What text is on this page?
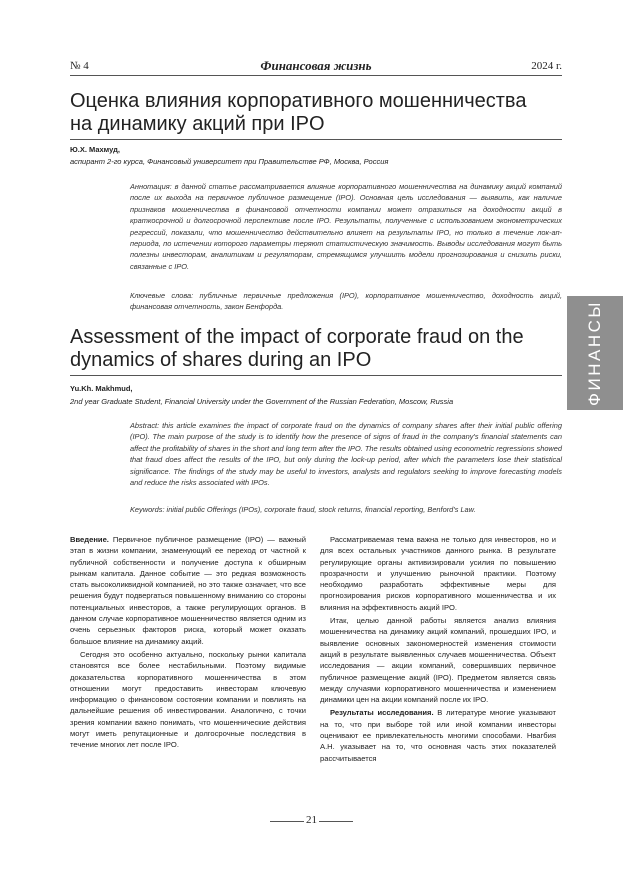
ФИНАНСЫ
№ 4	Финансовая жизнь	2024 г.
Оценка влияния корпоративного мошенничества на динамику акций при IPO
Ю.Х. Махмуд,
аспирант 2-го курса, Финансовый университет при Правительстве РФ, Москва, Россия
Аннотация: в данной статье рассматривается влияние корпоративного мошенничества на динамику акций компаний после их выхода на первичное публичное размещение (IPO). Основная цель исследования — выявить, как наличие признаков мошенничества в финансовой отчетности компании может отразиться на доходности акций в краткосрочной и долгосрочной перспективе после IPO. Результаты, полученные с использованием эконометрических регрессий, показали, что мошенничество действительно влияет на результаты IPO, но только в течение лок-ап-периода, по истечении которого параметры теряют статистическую значимость. Выводы исследования могут быть полезны инвесторам, аналитикам и регуляторам, стремящимся улучшить модели прогнозирования и снизить риски, связанные с IPO.
Ключевые слова: публичные первичные предложения (IPO), корпоративное мошенничество, доходность акций, финансовая отчетность, закон Бенфорда.
Assessment of the impact of corporate fraud on the dynamics of shares during an IPO
Yu.Kh. Makhmud,
2nd year Graduate Student, Financial University under the Government of the Russian Federation, Moscow, Russia
Abstract: this article examines the impact of corporate fraud on the dynamics of company shares after their initial public offering (IPO). The main purpose of the study is to identify how the presence of signs of fraud in the company's financial statements can affect the profitability of shares in the short and long term after the IPO. The results obtained using econometric regressions showed that fraud does affect the results of the IPO, but only during the lock-up period, after which the parameters lose their statistical significance. The findings of the study may be useful to investors, analysts and regulators seeking to improve forecasting models and reduce the risks associated with IPOs.
Keywords: initial public Offerings (IPOs), corporate fraud, stock returns, financial reporting, Benford's Law.

Введение. Первичное публичное размещение (IPO) — важный этап в жизни компании, знаменующий ее переход от частной к публичной собственности и получение доступа к обширным рынкам капитала. Данное событие — это редкая возможность стать высоколиквидной компанией, но это также означает, что все решения будут подвергаться повышенному вниманию со стороны потенциальных инвесторов, а также регулирующих органов. В данном случае корпоративное мошенничество является одним из очень серьезных факторов риска, который может оказать большое влияние на динамику акций.

Сегодня это особенно актуально, поскольку рынки капитала становятся все более нестабильными. Поэтому видимые доказательства корпоративного мошенничества в этом отношении могут предоставить инвесторам ключевую информацию о финансовом состоянии компании и повлиять на дальнейшие решения об инвестировании. Аналогично, с точки зрения компании важно понимать, что мошеннические действия могут иметь репутационные и долгосрочные последствия в течение многих лет после IPO.

Рассматриваемая тема важна не только для инвесторов, но и для всех остальных участников данного рынка. В результате регулирующие органы активизировали усилия по повышению прозрачности и улучшению рыночной практики. Поэтому необходимо разработать эффективные меры для прогнозирования рисков корпоративного мошенничества и их влияния на эффективность акций IPO.

Итак, целью данной работы является анализ влияния мошенничества на динамику акций компаний, прошедших IPO, и выявление основных закономерностей изменения стоимости акций в результате выявленных случаев мошенничества. Объект исследования — акции компаний, совершивших первичное публичное размещение акций (IPO). Предметом является связь между случаями корпоративного мошенничества и изменением динамики цен на акции компаний после их IPO.

Результаты исследования. В литературе многие указывают на то, что при выборе той или иной компании инвесторы оценивают ее привлекательность многими способами. Нвагбия А.Н. указывает на то, что основная часть этих показателей рассчитывается

21
